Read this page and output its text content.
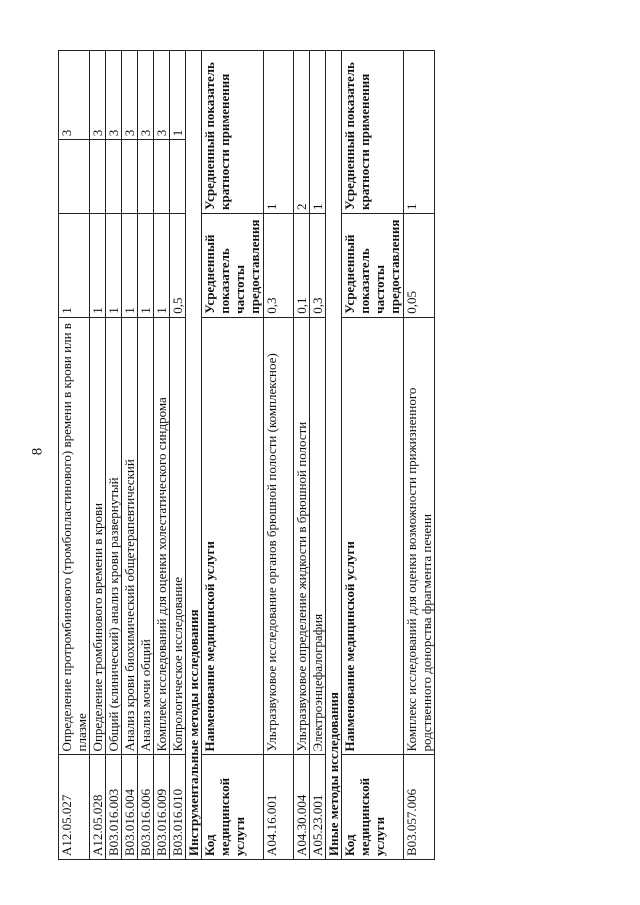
8
A12.05.027	Определение протромбинового (тромбопластинового) времени в крови или в плазме	1		3
A12.05.028	Определение тромбинового времени в крови	1		3
B03.016.003	Общий (клинический) анализ крови развернутый	1		3
B03.016.004	Анализ крови биохимический общетерапевтический	1		3
B03.016.006	Анализ мочи общий	1		3
B03.016.009	Комплекс исследований для оценки холестатического синдрома	1		3
B03.016.010	Копрологическое исследование	0,5		1
Инструментальные методы исследования				
Код медицинской услуги	Наименование медицинской услуги	Усредненный показатель частоты предоставления	Усредненный показатель кратности применения	
A04.16.001	Ультразвуковое исследование органов брюшной полости (комплексное)	0,3	1	
A04.30.004	Ультразвуковое определение жидкости в брюшной полости	0,1	2	
A05.23.001	Электроэнцефалография	0,3	1	
Иные методы исследования				
Код медицинской услуги	Наименование медицинской услуги	Усредненный показатель частоты предоставления	Усредненный показатель кратности применения	
B03.057.006	Комплекс исследований для оценки возможности прижизненного родственного донорства фрагмента печени	0,05	1	
